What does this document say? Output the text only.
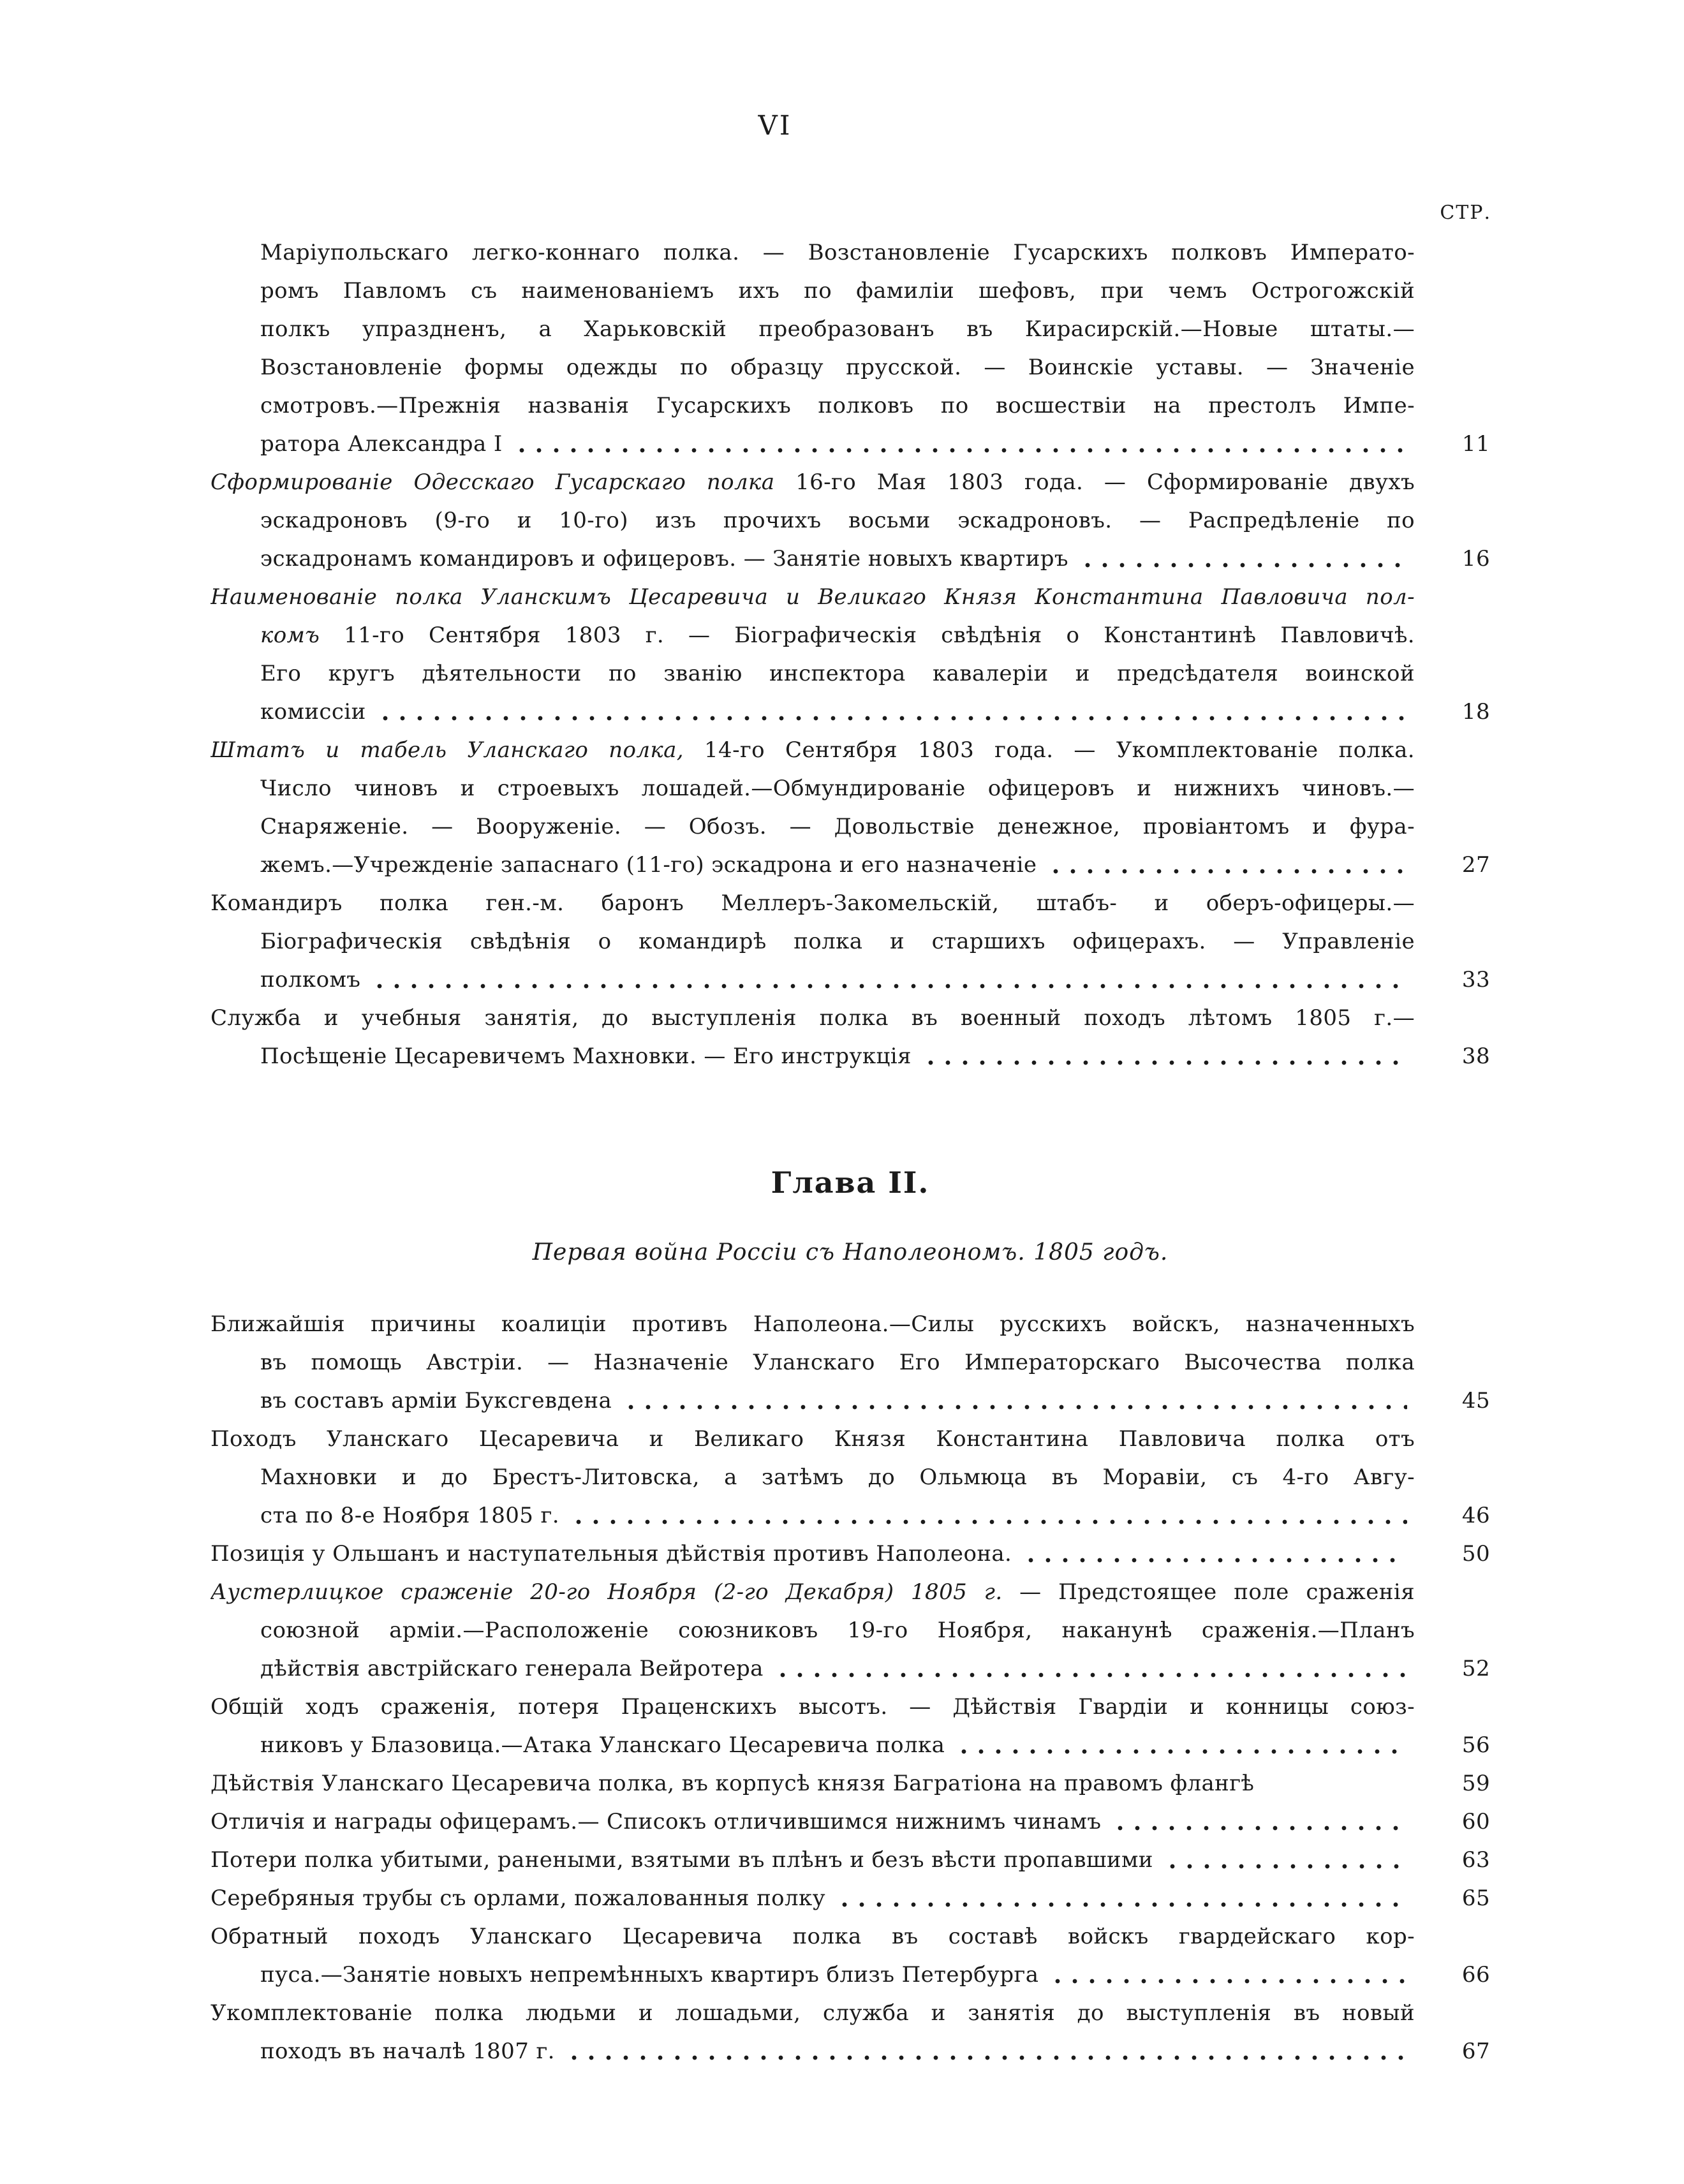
VI
СТР.
Маріупольскаго легко-коннаго полка. — Возстановленіе Гусарскихъ полковъ Императо-
ромъ Павломъ съ наименованіемъ ихъ по фамиліи шефовъ, при чемъ Острогожскій
полкъ упраздненъ, а Харьковскій преобразованъ въ Кирасирскій.—Новые штаты.—
Возстановленіе формы одежды по образцу прусской. — Воинскіе уставы. — Значеніе
смотровъ.—Прежнія названія Гусарскихъ полковъ по восшествіи на престолъ Импе-
ратора Александра I	11
Сформированіе Одесскаго Гусарскаго полка 16-го Мая 1803 года. — Сформированіе двухъ
эскадроновъ (9-го и 10-го) изъ прочихъ восьми эскадроновъ. — Распредѣленіе по
эскадронамъ командировъ и офицеровъ. — Занятіе новыхъ квартиръ	16
Наименованіе полка Уланскимъ Цесаревича и Великаго Князя Константина Павловича пол-
комъ 11-го Сентября 1803 г. — Біографическія свѣдѣнія о Константинѣ Павловичѣ.
Его кругъ дѣятельности по званію инспектора кавалеріи и предсѣдателя воинской
комиссіи	18
Штатъ и табель Уланскаго полка, 14-го Сентября 1803 года. — Укомплектованіе полка.
Число чиновъ и строевыхъ лошадей.—Обмундированіе офицеровъ и нижнихъ чиновъ.—
Снаряженіе. — Вооруженіе. — Обозъ. — Довольствіе денежное, провіантомъ и фура-
жемъ.—Учрежденіе запаснаго (11-го) эскадрона и его назначеніе	27
Командиръ полка ген.-м. баронъ Меллеръ-Закомельскій, штабъ- и оберъ-офицеры.—
Біографическія свѣдѣнія о командирѣ полка и старшихъ офицерахъ. — Управленіе
полкомъ	33
Служба и учебныя занятія, до выступленія полка въ военный походъ лѣтомъ 1805 г.—
Посѣщеніе Цесаревичемъ Махновки. — Его инструкція	38
Глава II.
Первая война Россіи съ Наполеономъ. 1805 годъ.
Ближайшія причины коалиціи противъ Наполеона.—Силы русскихъ войскъ, назначенныхъ
въ помощь Австріи. — Назначеніе Уланскаго Его Императорскаго Высочества полка
въ составъ арміи Буксгевдена	45
Походъ Уланскаго Цесаревича и Великаго Князя Константина Павловича полка отъ
Махновки и до Брестъ-Литовска, а затѣмъ до Ольмюца въ Моравіи, съ 4-го Авгу-
ста по 8-е Ноября 1805 г.	46
Позиція у Ольшанъ и наступательныя дѣйствія противъ Наполеона.	50
Аустерлицкое сраженіе 20-го Ноября (2-го Декабря) 1805 г. — Предстоящее поле сраженія
союзной арміи.—Расположеніе союзниковъ 19-го Ноября, наканунѣ сраженія.—Планъ
дѣйствія австрійскаго генерала Вейротера	52
Общій ходъ сраженія, потеря Праценскихъ высотъ. — Дѣйствія Гвардіи и конницы союз-
никовъ у Блазовица.—Атака Уланскаго Цесаревича полка	56
Дѣйствія Уланскаго Цесаревича полка, въ корпусѣ князя Багратіона на правомъ флангѣ	59
Отличія и награды офицерамъ.— Списокъ отличившимся нижнимъ чинамъ	60
Потери полка убитыми, ранеными, взятыми въ плѣнъ и безъ вѣсти пропавшими	63
Серебряныя трубы съ орлами, пожалованныя полку	65
Обратный походъ Уланскаго Цесаревича полка въ составѣ войскъ гвардейскаго кор-
пуса.—Занятіе новыхъ непремѣнныхъ квартиръ близъ Петербурга	66
Укомплектованіе полка людьми и лошадьми, служба и занятія до выступленія въ новый
походъ въ началѣ 1807 г.	67
